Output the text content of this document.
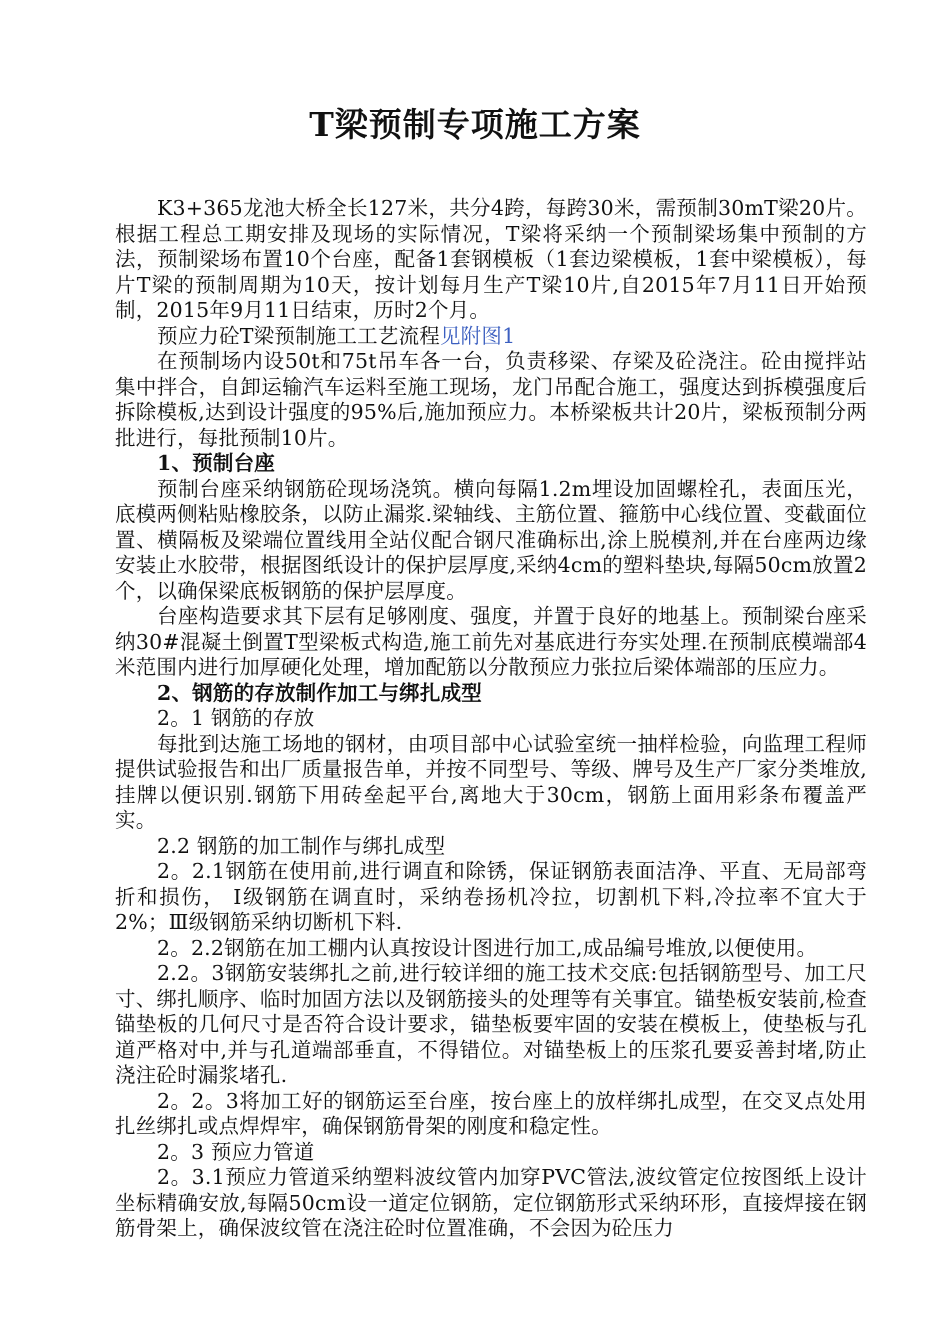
T梁预制专项施工方案

K3+365龙池大桥全长127米，共分4跨，每跨30米，需预制30mT梁20片。根据工程总工期安排及现场的实际情况，T梁将采纳一个预制梁场集中预制的方法，预制梁场布置10个台座，配备1套钢模板（1套边梁模板，1套中梁模板），每片T梁的预制周期为10天，按计划每月生产T梁10片,自2015年7月11日开始预制，2015年9月11日结束，历时2个月。

预应力砼T梁预制施工工艺流程见附图1

在预制场内设50t和75t吊车各一台，负责移梁、存梁及砼浇注。砼由搅拌站集中拌合，自卸运输汽车运料至施工现场，龙门吊配合施工，强度达到拆模强度后拆除模板,达到设计强度的95%后,施加预应力。本桥梁板共计20片，梁板预制分两批进行，每批预制10片。

1、预制台座

预制台座采纳钢筋砼现场浇筑。横向每隔1.2m埋设加固螺栓孔，表面压光，底模两侧粘贴橡胶条，以防止漏浆.梁轴线、主筋位置、箍筋中心线位置、变截面位置、横隔板及梁端位置线用全站仪配合钢尺准确标出,涂上脱模剂,并在台座两边缘安装止水胶带，根据图纸设计的保护层厚度,采纳4cm的塑料垫块,每隔50cm放置2个，以确保梁底板钢筋的保护层厚度。

台座构造要求其下层有足够刚度、强度，并置于良好的地基上。预制梁台座采纳30#混凝土倒置T型梁板式构造,施工前先对基底进行夯实处理.在预制底模端部4米范围内进行加厚硬化处理，增加配筋以分散预应力张拉后梁体端部的压应力。

2、钢筋的存放制作加工与绑扎成型

2。1 钢筋的存放

每批到达施工场地的钢材，由项目部中心试验室统一抽样检验，向监理工程师提供试验报告和出厂质量报告单，并按不同型号、等级、牌号及生产厂家分类堆放,挂牌以便识别.钢筋下用砖垒起平台,离地大于30cm，钢筋上面用彩条布覆盖严实。

2.2 钢筋的加工制作与绑扎成型

2。2.1钢筋在使用前,进行调直和除锈，保证钢筋表面洁净、平直、无局部弯折和损伤， Ⅰ级钢筋在调直时，采纳卷扬机冷拉，切割机下料,冷拉率不宜大于2%；Ⅲ级钢筋采纳切断机下料.

2。2.2钢筋在加工棚内认真按设计图进行加工,成品编号堆放,以便使用。

2.2。3钢筋安装绑扎之前,进行较详细的施工技术交底:包括钢筋型号、加工尺寸、绑扎顺序、临时加固方法以及钢筋接头的处理等有关事宜。锚垫板安装前,检查锚垫板的几何尺寸是否符合设计要求，锚垫板要牢固的安装在模板上，使垫板与孔道严格对中,并与孔道端部垂直，不得错位。对锚垫板上的压浆孔要妥善封堵,防止浇注砼时漏浆堵孔.

2。2。3将加工好的钢筋运至台座，按台座上的放样绑扎成型，在交叉点处用扎丝绑扎或点焊焊牢，确保钢筋骨架的刚度和稳定性。

2。3 预应力管道

2。3.1预应力管道采纳塑料波纹管内加穿PVC管法,波纹管定位按图纸上设计坐标精确安放,每隔50cm设一道定位钢筋，定位钢筋形式采纳环形，直接焊接在钢筋骨架上，确保波纹管在浇注砼时位置准确，不会因为砼压力
